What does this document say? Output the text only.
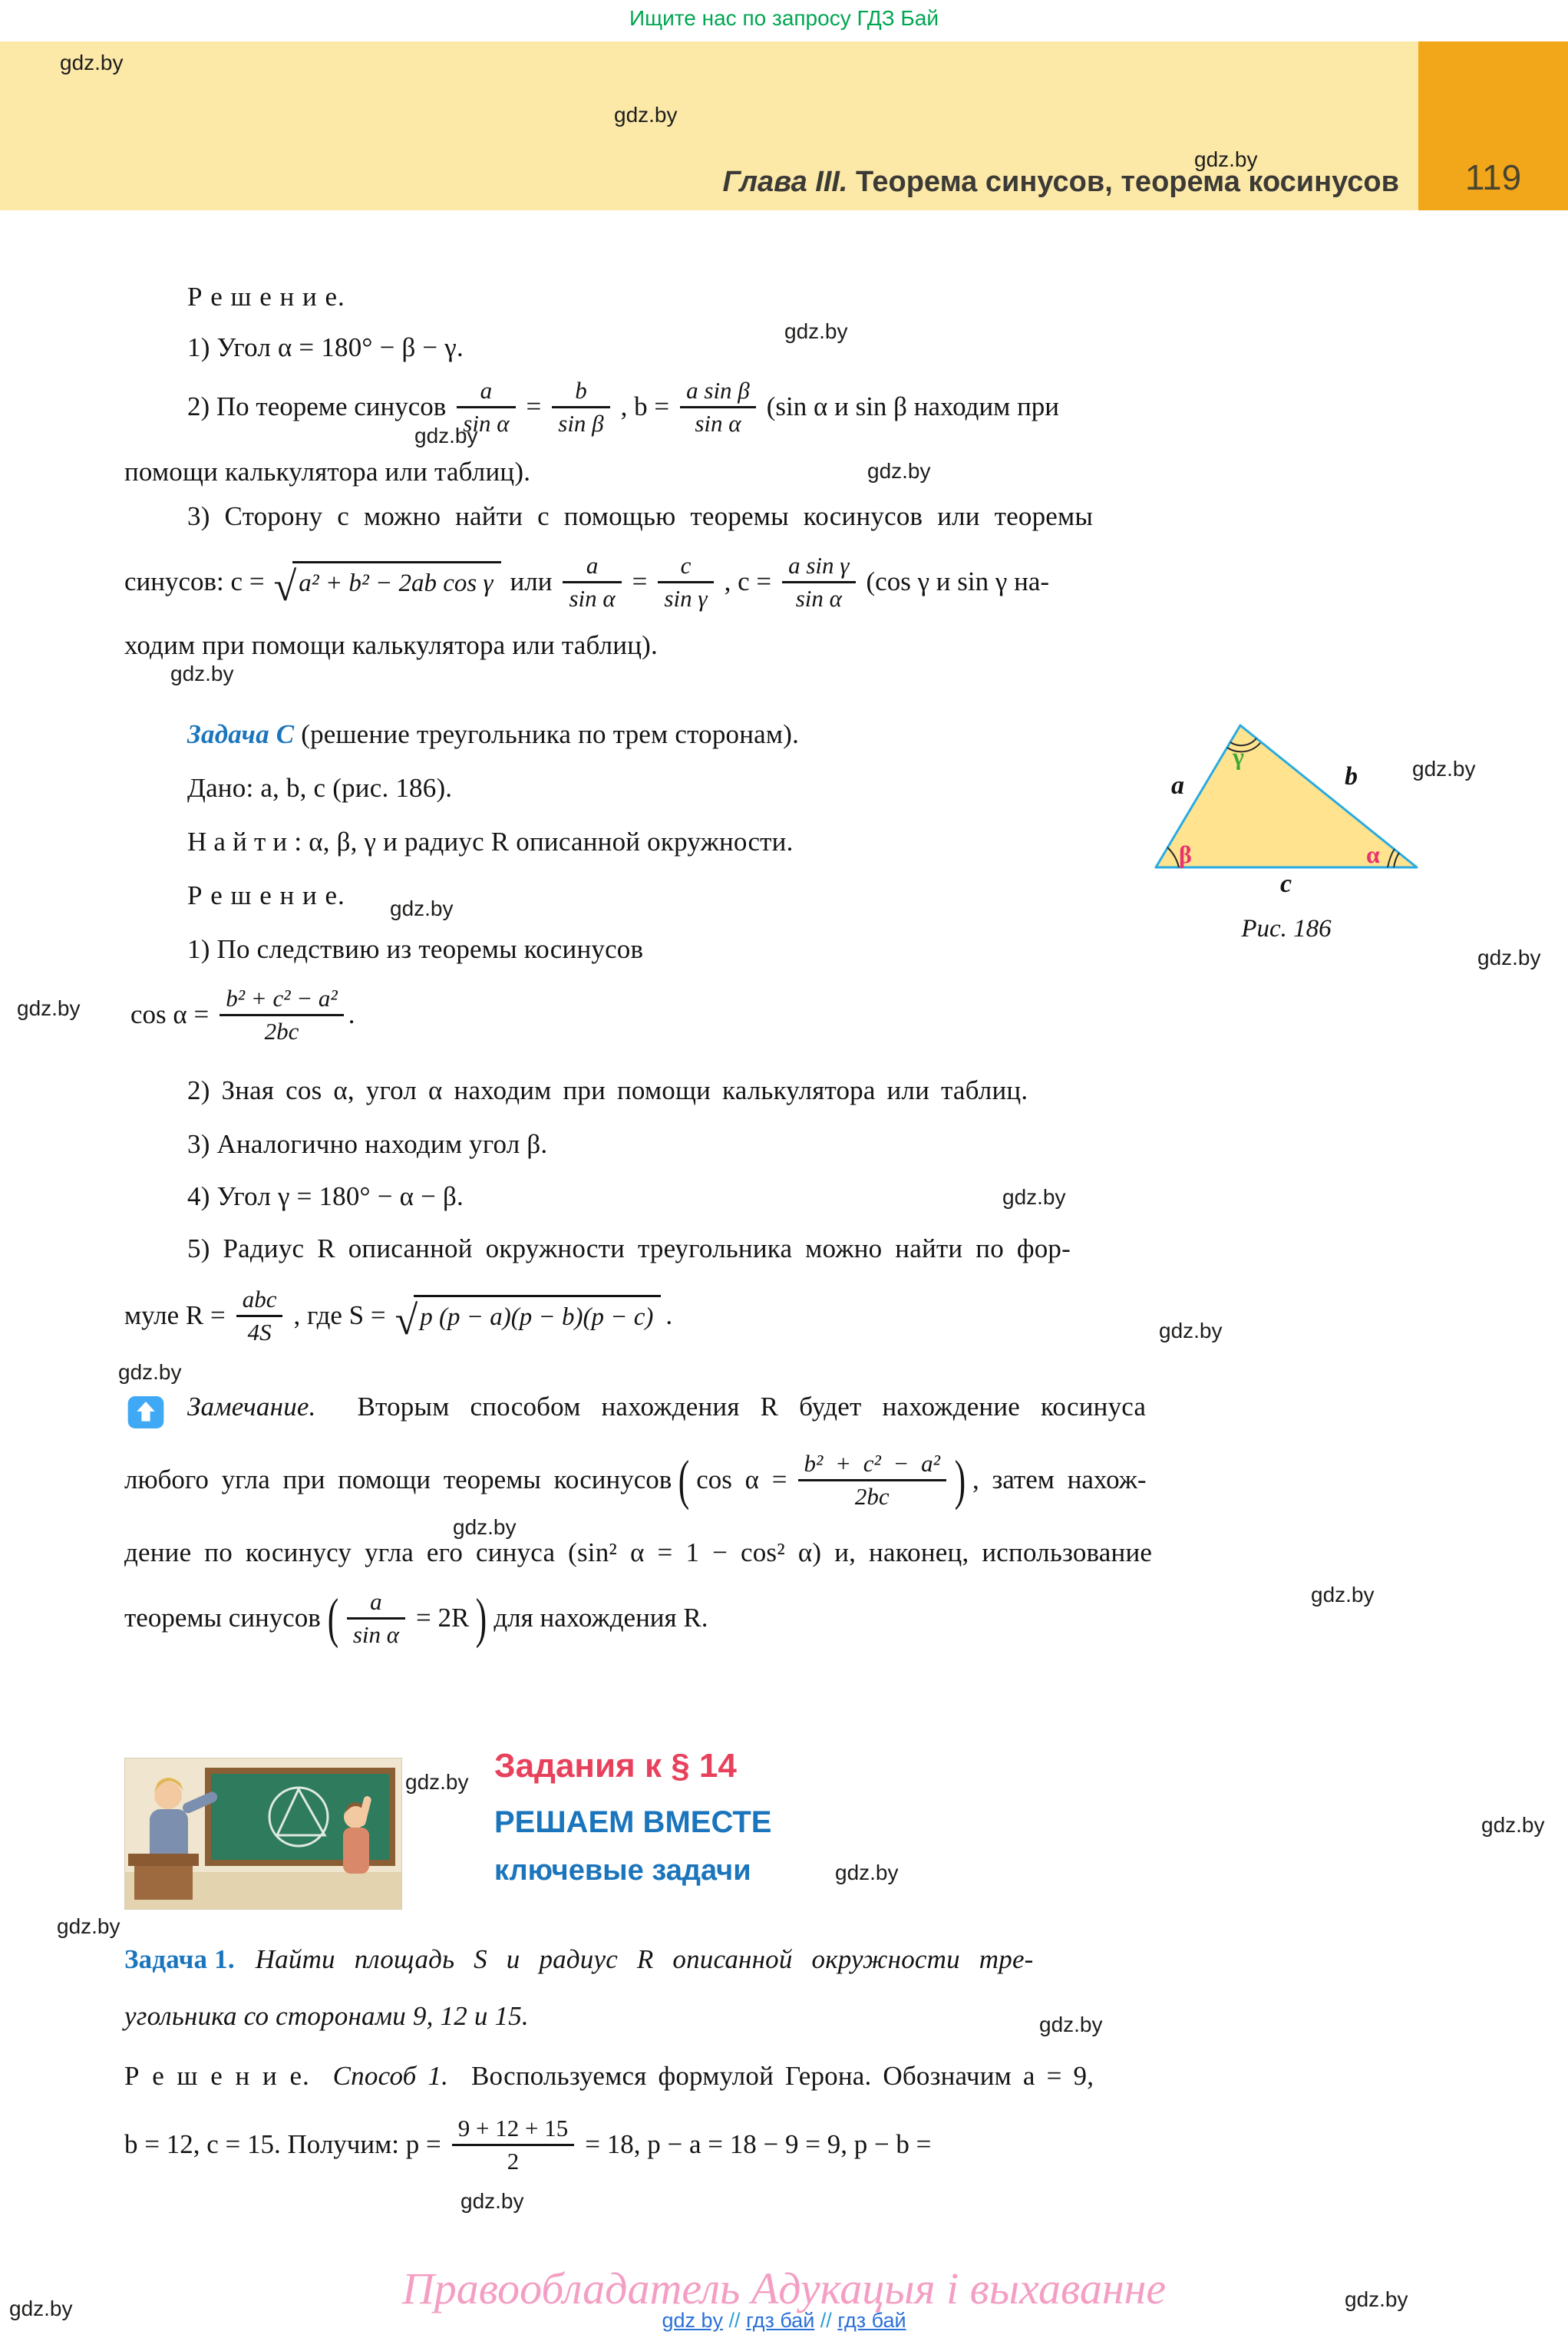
Ищите нас по запросу ГДЗ Бай
119
Глава III. Теорема синусов, теорема косинусов
gdz.by
gdz.by
gdz.by
gdz.by
gdz.by
gdz.by
gdz.by
gdz.by
gdz.by
gdz.by
gdz.by
gdz.by
gdz.by
gdz.by
gdz.by
gdz.by
gdz.by
gdz.by
gdz.by
gdz.by
gdz.by
gdz.by
gdz.by	gdz.by
Р е ш е н и е.
1) Угол α = 180° − β − γ.
2) По теореме синусов $\frac{a}{\text{sin α}} = \frac{b}{\text{sin β}}$ , $b = \frac{\text{a sin β}}{\text{sin α}} (\sin$ α и sin β находим при
помощи калькулятора или таблиц).
3) Сторону c можно найти с помощью теоремы косинусов или теоремы
синусов: c = √ a² + b² − 2ab cos γ или $\frac{a}{\text{sin α}} = \frac{c}{\text{sin γ}}$ , $c = \frac{\text{a sin γ}}{\text{sin α}} (\cos$ γ и sin γ на-
ходим при помощи калькулятора или таблиц).
Задача C (решение треугольника по трем сторонам).
Дано: a, b, c (рис. 186).
Н а й т и : α, β, γ и радиус R описанной окружности.
Р е ш е н и е.
1) По следствию из теоремы косинусов
$\cos \alpha = \frac{\text{b² + c² − a²}}{2bc}$ .
a	b
c
γ
β	α
Рис. 186
2) Зная cos α, угол α находим при помощи калькулятора или таблиц.
3) Аналогично находим угол β.
4) Угол γ = 180° − α − β.
5) Радиус R описанной окружности треугольника можно найти по фор-
муле $R = \frac{\text{abc}}{4S}$ , где S = √ p (p − a)(p − b)(p − c) .
Замечание. Вторым способом нахождения R будет нахождение косинуса
любого угла при помощи теоремы косинусов ( $\cos \alpha = \frac{\text{b² + c² − a²}}{2bc}$ ) , затем нахож-
дение по косинусу угла его синуса (sin² α = 1 − cos² α) и, наконец, использование
теоремы синусов ( $\frac{a}{\text{sin α}} = 2R$ ) для нахождения R.
Задания к § 14
РЕШАЕМ ВМЕСТЕ
ключевые задачи
Задача 1. Найти площадь S и радиус R описанной окружности тре-
угольника со сторонами 9, 12 и 15.
Р е ш е н и е. Способ 1. Воспользуемся формулой Герона. Обозначим a = 9,
b = 12, c = 15. Получим: $p = \frac{9 + 12 + 15}{2} = 18$, p − a = 18 − 9 = 9, p − b =
Правообладатель Адукацыя і выхаванне
gdz by // гдз бай // гдз бай
